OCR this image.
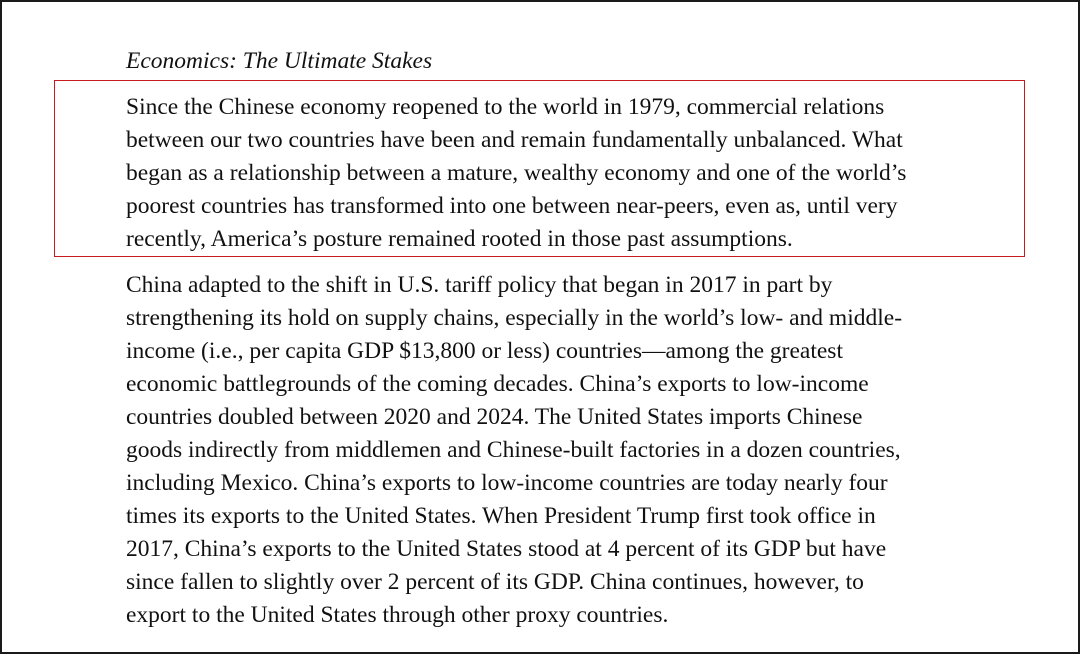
Economics: The Ultimate Stakes
Since the Chinese economy reopened to the world in 1979, commercial relations
between our two countries have been and remain fundamentally unbalanced. What
began as a relationship between a mature, wealthy economy and one of the world’s
poorest countries has transformed into one between near-peers, even as, until very
recently, America’s posture remained rooted in those past assumptions.
China adapted to the shift in U.S. tariff policy that began in 2017 in part by
strengthening its hold on supply chains, especially in the world’s low- and middle-
income (i.e., per capita GDP $13,800 or less) countries—among the greatest
economic battlegrounds of the coming decades. China’s exports to low-income
countries doubled between 2020 and 2024. The United States imports Chinese
goods indirectly from middlemen and Chinese-built factories in a dozen countries,
including Mexico. China’s exports to low-income countries are today nearly four
times its exports to the United States. When President Trump first took office in
2017, China’s exports to the United States stood at 4 percent of its GDP but have
since fallen to slightly over 2 percent of its GDP. China continues, however, to
export to the United States through other proxy countries.
